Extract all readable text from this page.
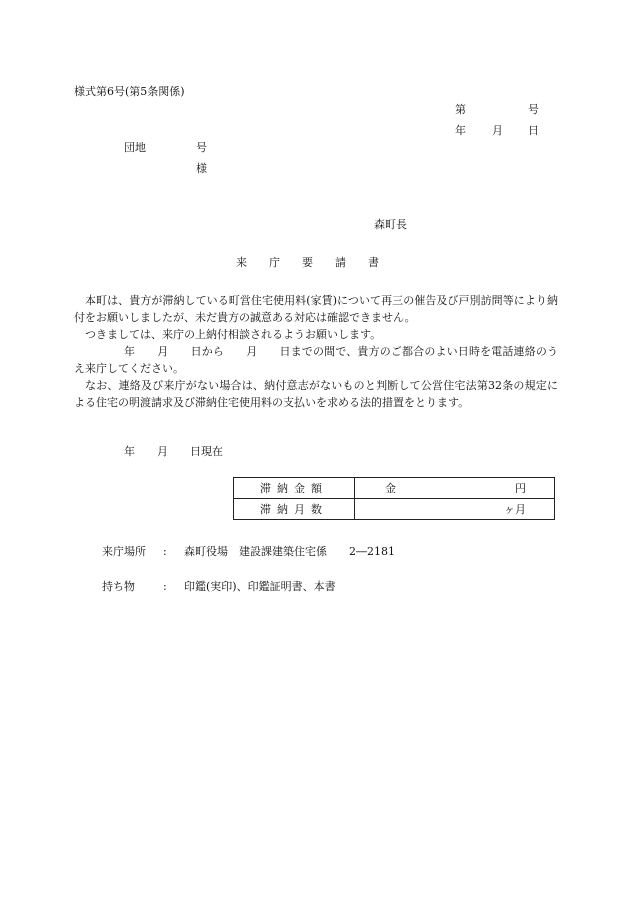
様式第6号(第5条関係)
第	号
年 月 日
団地	号
様
森町長
来 庁 要 請 書

本町は、貴方が滞納している町営住宅使用料(家賃)について再三の催告及び戸別訪問等により納付をお願いしましたが、未だ貴方の誠意ある対応は確認できません。

つきましては、来庁の上納付相談されるようお願いします。

年 月 日から 月 日までの間で、貴方のご都合のよい日時を電話連絡のうえ来庁してください。

なお、連絡及び来庁がない場合は、納付意志がないものと判断して公営住宅法第32条の規定による住宅の明渡請求及び滞納住宅使用料の支払いを求める法的措置をとります。

年 月 日現在
滞納金額	金 円

滞納月数	ヶ月
来庁場所 : 森町役場　建設課建築住宅係　　2―2181
持ち物	: 印鑑(実印)、印鑑証明書、本書
